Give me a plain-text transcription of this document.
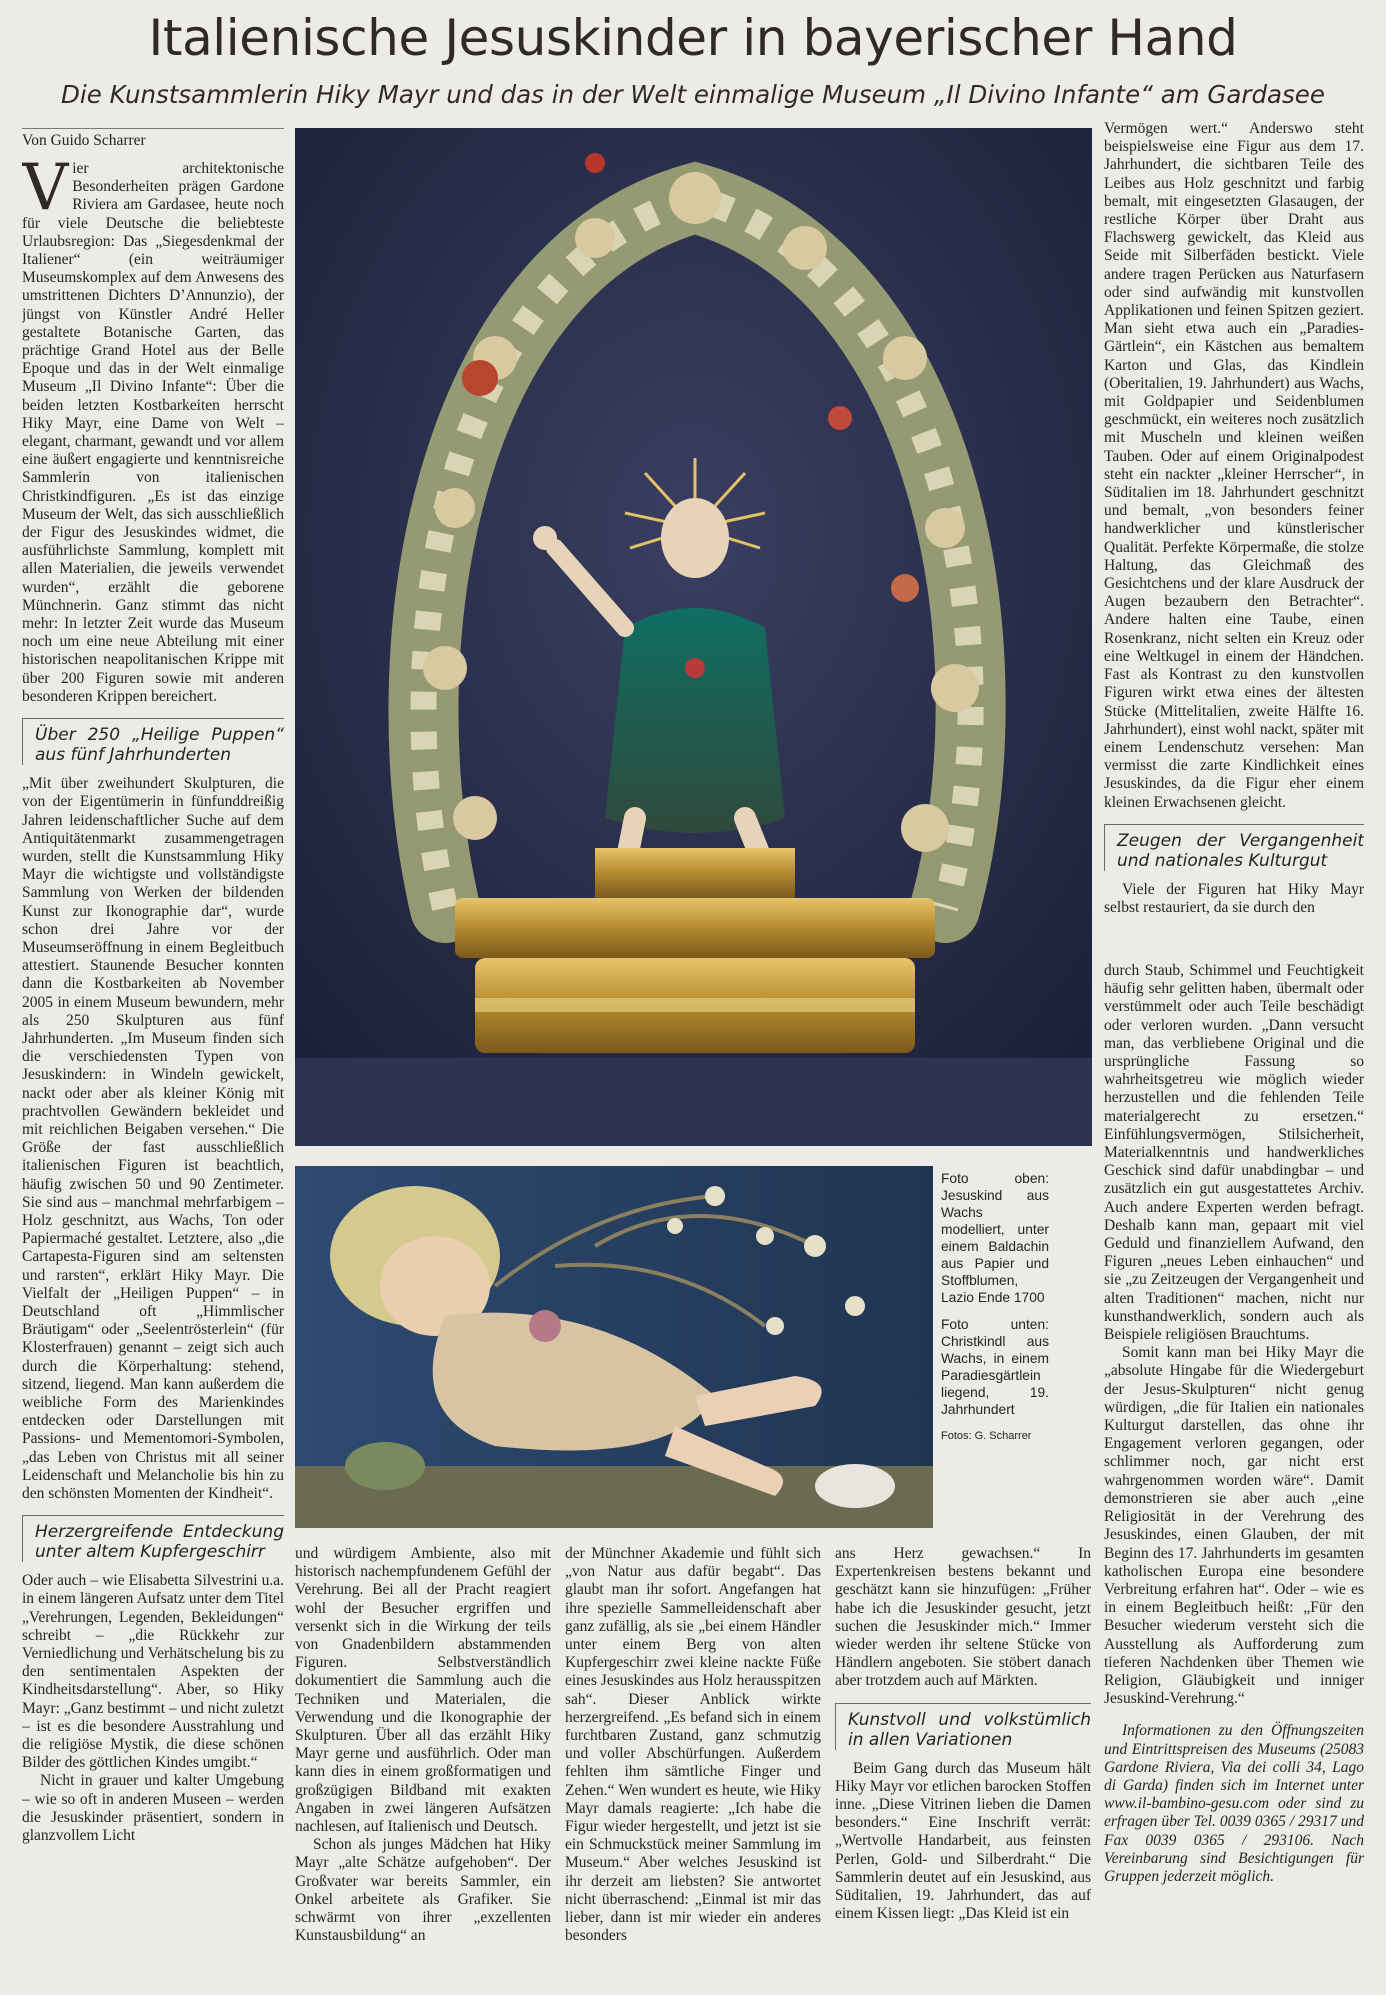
Italienische Jesuskinder in bayerischer Hand
Die Kunstsammlerin Hiky Mayr und das in der Welt einmalige Museum „Il Divino Infante“ am Gardasee
Von Guido Scharrer

Vier architektonische Besonderheiten prägen Gardone Riviera am Gardasee, heute noch für viele Deutsche die beliebteste Urlaubsregion: Das „Siegesdenkmal der Italiener“ (ein weiträumiger Museumskomplex auf dem Anwesens des umstrittenen Dichters D’Annunzio), der jüngst von Künstler André Heller gestaltete Botanische Garten, das prächtige Grand Hotel aus der Belle Epoque und das in der Welt einmalige Museum „Il Divino Infante“: Über die beiden letzten Kostbarkeiten herrscht Hiky Mayr, eine Dame von Welt – elegant, charmant, gewandt und vor allem eine äußert engagierte und kenntnisreiche Sammlerin von italienischen Christkindfiguren. „Es ist das einzige Museum der Welt, das sich ausschließlich der Figur des Jesuskindes widmet, die ausführlichste Sammlung, komplett mit allen Materialien, die jeweils verwendet wurden“, erzählt die geborene Münchnerin. Ganz stimmt das nicht mehr: In letzter Zeit wurde das Museum noch um eine neue Abteilung mit einer historischen neapolitanischen Krippe mit über 200 Figuren sowie mit anderen besonderen Krippen bereichert.

Über 250 „Heilige Puppen“ aus fünf Jahrhunderten

„Mit über zweihundert Skulpturen, die von der Eigentümerin in fünfunddreißig Jahren leidenschaftlicher Suche auf dem Antiquitätenmarkt zusammengetragen wurden, stellt die Kunstsammlung Hiky Mayr die wichtigste und vollständigste Sammlung von Werken der bildenden Kunst zur Ikonographie dar“, wurde schon drei Jahre vor der Museumseröffnung in einem Begleitbuch attestiert. Staunende Besucher konnten dann die Kostbarkeiten ab November 2005 in einem Museum bewundern, mehr als 250 Skulpturen aus fünf Jahrhunderten. „Im Museum finden sich die verschiedensten Typen von Jesuskindern: in Windeln gewickelt, nackt oder aber als kleiner König mit prachtvollen Gewändern bekleidet und mit reichlichen Beigaben versehen.“ Die Größe der fast ausschließlich italienischen Figuren ist beachtlich, häufig zwischen 50 und 90 Zentimeter. Sie sind aus – manchmal mehrfarbigem – Holz geschnitzt, aus Wachs, Ton oder Papiermaché gestaltet. Letztere, also „die Cartapesta-Figuren sind am seltensten und rarsten“, erklärt Hiky Mayr. Die Vielfalt der „Heiligen Puppen“ – in Deutschland oft „Himmlischer Bräutigam“ oder „Seelentrösterlein“ (für Klosterfrauen) genannt – zeigt sich auch durch die Körperhaltung: stehend, sitzend, liegend. Man kann außerdem die weibliche Form des Marienkindes entdecken oder Darstellungen mit Passions- und Mementomori-Symbolen, „das Leben von Christus mit all seiner Leidenschaft und Melancholie bis hin zu den schönsten Momenten der Kindheit“.

Herzergreifende Entdeckung unter altem Kupfergeschirr

Oder auch – wie Elisabetta Silvestrini u.a. in einem längeren Aufsatz unter dem Titel „Verehrungen, Legenden, Bekleidungen“ schreibt – „die Rückkehr zur Verniedlichung und Verhätschelung bis zu den sentimentalen Aspekten der Kindheitsdarstellung“. Aber, so Hiky Mayr: „Ganz bestimmt – und nicht zuletzt – ist es die besondere Ausstrahlung und die religiöse Mystik, die diese schönen Bilder des göttlichen Kindes umgibt.“

Nicht in grauer und kalter Umgebung – wie so oft in anderen Museen – werden die Jesuskinder präsentiert, sondern in glanzvollem Licht

Foto oben: Jesuskind aus Wachs modelliert, unter einem Baldachin aus Papier und Stoffblumen, Lazio Ende 1700

Foto unten: Christkindl aus Wachs, in einem Paradiesgärtlein liegend, 19. Jahrhundert

Fotos: G. Scharrer

und würdigem Ambiente, also mit historisch nachempfundenem Gefühl der Verehrung. Bei all der Pracht reagiert wohl der Besucher ergriffen und versenkt sich in die Wirkung der teils von Gnadenbildern abstammenden Figuren. Selbstverständlich dokumentiert die Sammlung auch die Techniken und Materialen, die Verwendung und die Ikonographie der Skulpturen. Über all das erzählt Hiky Mayr gerne und ausführlich. Oder man kann dies in einem großformatigen und großzügigen Bildband mit exakten Angaben in zwei längeren Aufsätzen nachlesen, auf Italienisch und Deutsch.

Schon als junges Mädchen hat Hiky Mayr „alte Schätze aufgehoben“. Der Großvater war bereits Sammler, ein Onkel arbeitete als Grafiker. Sie schwärmt von ihrer „exzellenten Kunstausbildung“ an

der Münchner Akademie und fühlt sich „von Natur aus dafür begabt“. Das glaubt man ihr sofort. Angefangen hat ihre spezielle Sammelleidenschaft aber ganz zufällig, als sie „bei einem Händler unter einem Berg von alten Kupfergeschirr zwei kleine nackte Füße eines Jesuskindes aus Holz herausspitzen sah“. Dieser Anblick wirkte herzergreifend. „Es befand sich in einem furchtbaren Zustand, ganz schmutzig und voller Abschürfungen. Außerdem fehlten ihm sämtliche Finger und Zehen.“ Wen wundert es heute, wie Hiky Mayr damals reagierte: „Ich habe die Figur wieder hergestellt, und jetzt ist sie ein Schmuckstück meiner Sammlung im Museum.“ Aber welches Jesuskind ist ihr derzeit am liebsten? Sie antwortet nicht überraschend: „Einmal ist mir das lieber, dann ist mir wieder ein anderes besonders

ans Herz gewachsen.“ In Expertenkreisen bestens bekannt und geschätzt kann sie hinzufügen: „Früher habe ich die Jesuskinder gesucht, jetzt suchen die Jesuskinder mich.“ Immer wieder werden ihr seltene Stücke von Händlern angeboten. Sie stöbert danach aber trotzdem auch auf Märkten.

Kunstvoll und volkstümlich in allen Variationen

Beim Gang durch das Museum hält Hiky Mayr vor etlichen barocken Stoffen inne. „Diese Vitrinen lieben die Damen besonders.“ Eine Inschrift verrät: „Wertvolle Handarbeit, aus feinsten Perlen, Gold- und Silberdraht.“ Die Sammlerin deutet auf ein Jesuskind, aus Süditalien, 19. Jahrhundert, das auf einem Kissen liegt: „Das Kleid ist ein

Vermögen wert.“ Anderswo steht beispielsweise eine Figur aus dem 17. Jahrhundert, die sichtbaren Teile des Leibes aus Holz geschnitzt und farbig bemalt, mit eingesetzten Glasaugen, der restliche Körper über Draht aus Flachswerg gewickelt, das Kleid aus Seide mit Silberfäden bestickt. Viele andere tragen Perücken aus Naturfasern oder sind aufwändig mit kunstvollen Applikationen und feinen Spitzen geziert. Man sieht etwa auch ein „Paradies-Gärtlein“, ein Kästchen aus bemaltem Karton und Glas, das Kindlein (Oberitalien, 19. Jahrhundert) aus Wachs, mit Goldpapier und Seidenblumen geschmückt, ein weiteres noch zusätzlich mit Muscheln und kleinen weißen Tauben. Oder auf einem Originalpodest steht ein nackter „kleiner Herrscher“, in Süditalien im 18. Jahrhundert geschnitzt und bemalt, „von besonders feiner handwerklicher und künstlerischer Qualität. Perfekte Körpermaße, die stolze Haltung, das Gleichmaß des Gesichtchens und der klare Ausdruck der Augen bezaubern den Betrachter“. Andere halten eine Taube, einen Rosenkranz, nicht selten ein Kreuz oder eine Weltkugel in einem der Händchen. Fast als Kontrast zu den kunstvollen Figuren wirkt etwa eines der ältesten Stücke (Mittelitalien, zweite Hälfte 16. Jahrhundert), einst wohl nackt, später mit einem Lendenschutz versehen: Man vermisst die zarte Kindlichkeit eines Jesuskindes, da die Figur eher einem kleinen Erwachsenen gleicht.

Zeugen der Vergangenheit und nationales Kulturgut

Viele der Figuren hat Hiky Mayr selbst restauriert, da sie durch den

durch Staub, Schimmel und Feuchtigkeit häufig sehr gelitten haben, übermalt oder verstümmelt oder auch Teile beschädigt oder verloren wurden. „Dann versucht man, das verbliebene Original und die ursprüngliche Fassung so wahrheitsgetreu wie möglich wieder herzustellen und die fehlenden Teile materialgerecht zu ersetzen.“ Einfühlungsvermögen, Stilsicherheit, Materialkenntnis und handwerkliches Geschick sind dafür unabdingbar – und zusätzlich ein gut ausgestattetes Archiv. Auch andere Experten werden befragt. Deshalb kann man, gepaart mit viel Geduld und finanziellem Aufwand, den Figuren „neues Leben einhauchen“ und sie „zu Zeitzeugen der Vergangenheit und alten Traditionen“ machen, nicht nur kunsthandwerklich, sondern auch als Beispiele religiösen Brauchtums.

Somit kann man bei Hiky Mayr die „absolute Hingabe für die Wiedergeburt der Jesus-Skulpturen“ nicht genug würdigen, „die für Italien ein nationales Kulturgut darstellen, das ohne ihr Engagement verloren gegangen, oder schlimmer noch, gar nicht erst wahrgenommen worden wäre“. Damit demonstrieren sie aber auch „eine Religiosität in der Verehrung des Jesuskindes, einen Glauben, der mit Beginn des 17. Jahrhunderts im gesamten katholischen Europa eine besondere Verbreitung erfahren hat“. Oder – wie es in einem Begleitbuch heißt: „Für den Besucher wiederum versteht sich die Ausstellung als Aufforderung zum tieferen Nachdenken über Themen wie Religion, Gläubigkeit und inniger Jesuskind-Verehrung.“

Informationen zu den Öffnungszeiten und Eintrittspreisen des Museums (25083 Gardone Riviera, Via dei colli 34, Lago di Garda) finden sich im Internet unter www.il-bambino-gesu.com oder sind zu erfragen über Tel. 0039 0365 / 29317 und Fax 0039 0365 / 293106. Nach Vereinbarung sind Besichtigungen für Gruppen jederzeit möglich.
